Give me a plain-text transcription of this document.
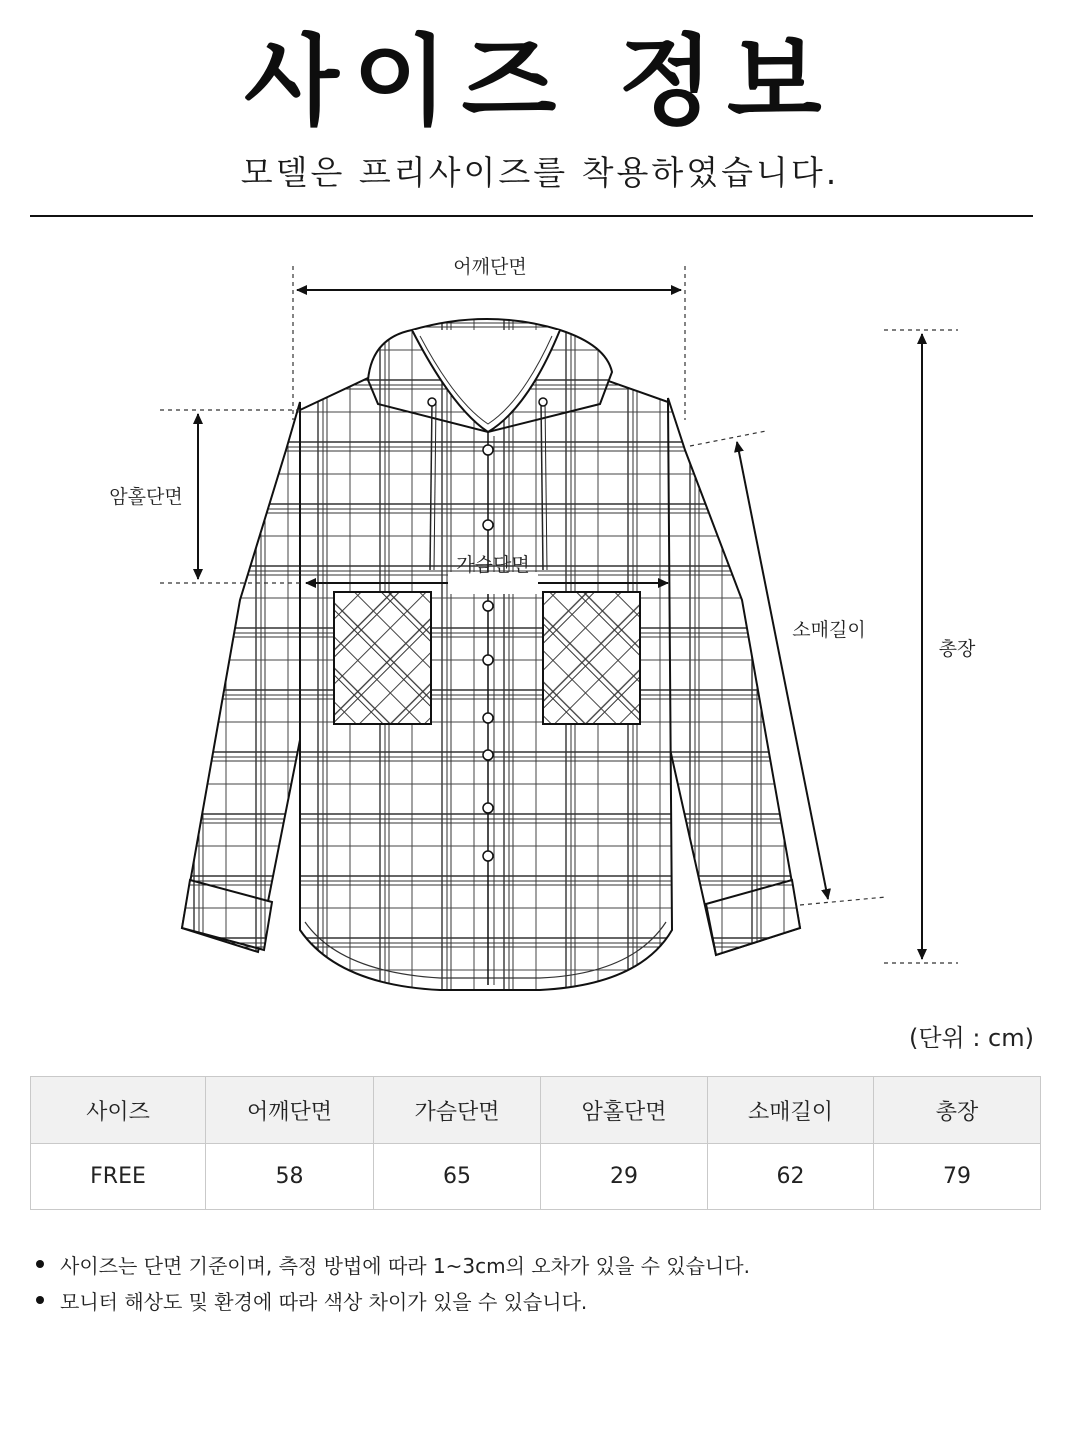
사이즈 정보
모델은 프리사이즈를 착용하였습니다.
어깨단면
암홀단면
가슴단면
소매길이
총장
(단위 : cm)
사이즈	어깨단면	가슴단면	암홀단면	소매길이	총장
FREE	58	65	29	62	79
사이즈는 단면 기준이며, 측정 방법에 따라 1~3cm의 오차가 있을 수 있습니다.
모니터 해상도 및 환경에 따라 색상 차이가 있을 수 있습니다.
